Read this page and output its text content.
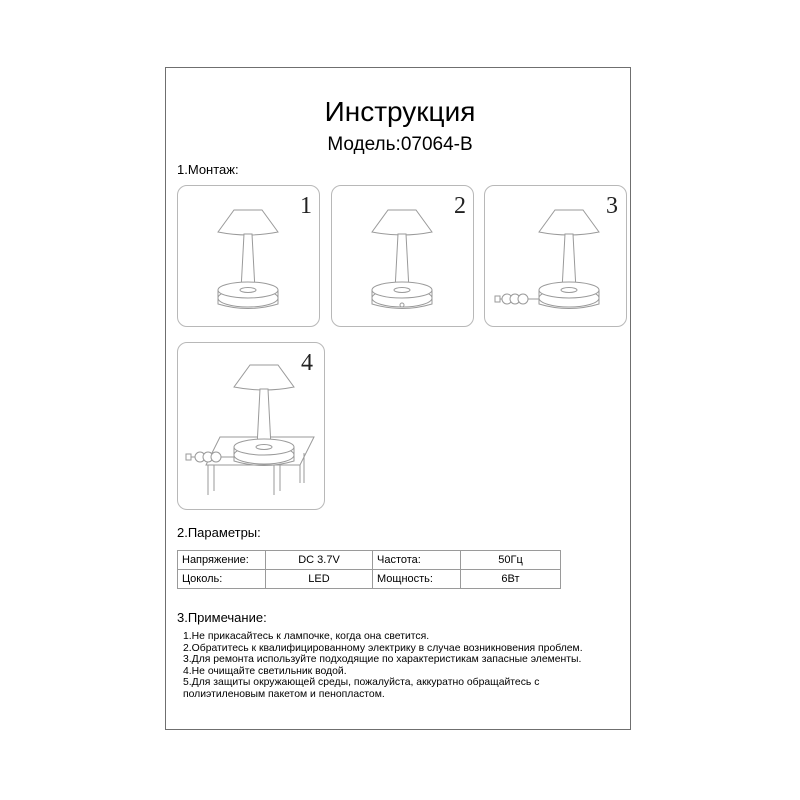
Инструкция
Модель:07064-B
1.Монтаж:
1	2	3
4
2.Параметры:
Напряжение:	DC 3.7V	Частота:	50Гц
Цоколь:	LED	Мощность:	6Вт
3.Примечание:
1.Не прикасайтесь к лампочке, когда она светится.
2.Обратитесь к квалифицированному электрику в случае возникновения проблем.
3.Для ремонта используйте подходящие по характеристикам запасные элементы.
4.Не очищайте светильник водой.
5.Для защиты окружающей среды, пожалуйста, аккуратно обращайтесь с
полиэтиленовым пакетом и пенопластом.
